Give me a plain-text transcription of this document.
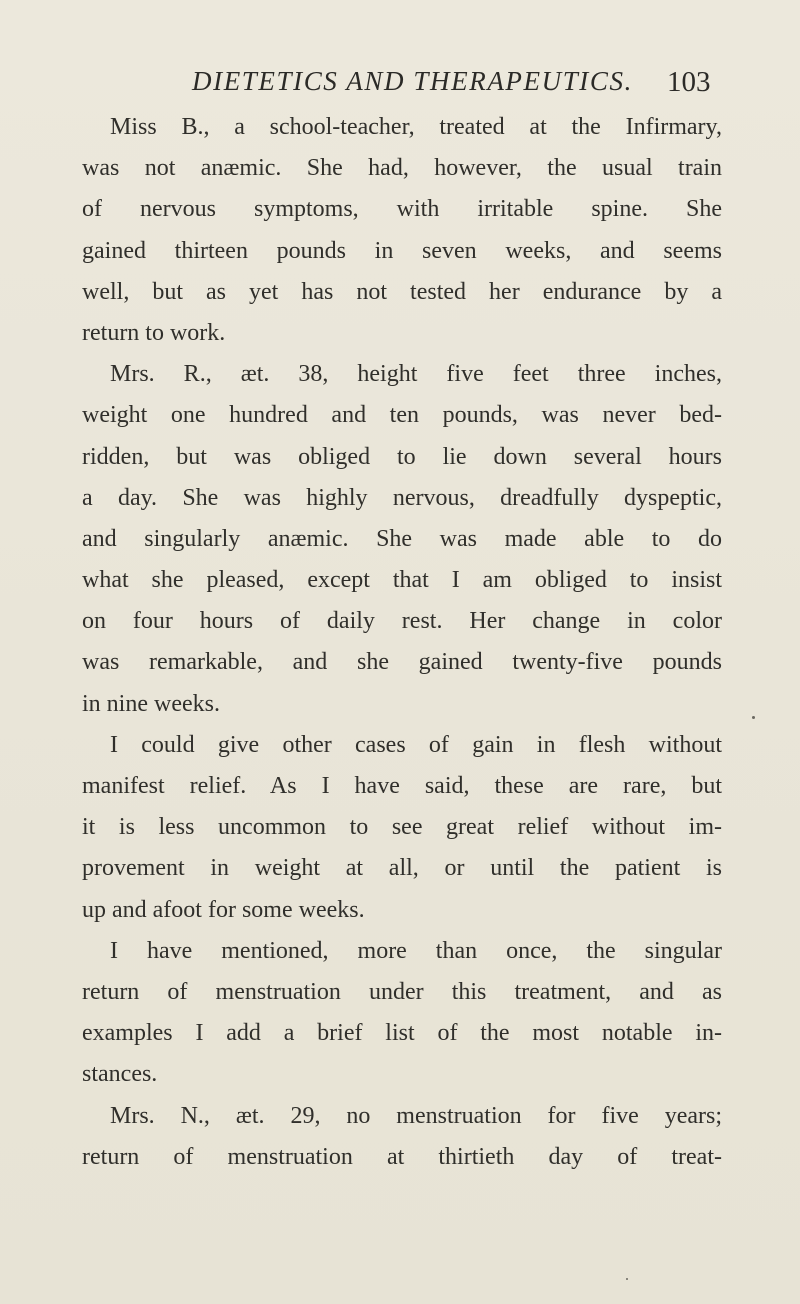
DIETETICS AND THERAPEUTICS. 103
Miss B., a school-teacher, treated at the Infirmary,
was not anæmic. She had, however, the usual train
of nervous symptoms, with irritable spine. She
gained thirteen pounds in seven weeks, and seems
well, but as yet has not tested her endurance by a
return to work.
Mrs. R., æt. 38, height five feet three inches,
weight one hundred and ten pounds, was never bed-
ridden, but was obliged to lie down several hours
a day. She was highly nervous, dreadfully dyspeptic,
and singularly anæmic. She was made able to do
what she pleased, except that I am obliged to insist
on four hours of daily rest. Her change in color
was remarkable, and she gained twenty-five pounds
in nine weeks.
I could give other cases of gain in flesh without
manifest relief. As I have said, these are rare, but
it is less uncommon to see great relief without im-
provement in weight at all, or until the patient is
up and afoot for some weeks.
I have mentioned, more than once, the singular
return of menstruation under this treatment, and as
examples I add a brief list of the most notable in-
stances.
Mrs. N., æt. 29, no menstruation for five years;
return of menstruation at thirtieth day of treat-
